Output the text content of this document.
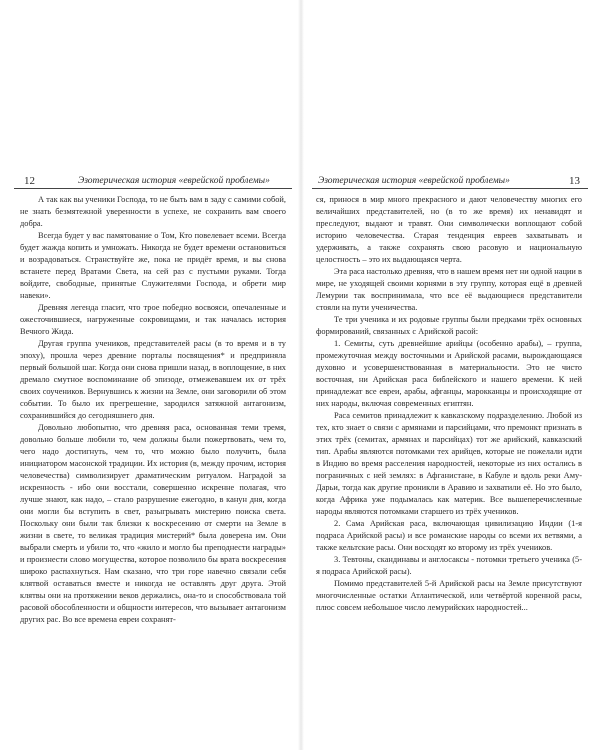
12	Эзотерическая история «еврейской проблемы»

А так как вы ученики Господа, то не быть вам в заду с самими собой, не знать безмятежной уверенности в успехе, не сохранить вам своего добра.

Всегда будет у вас памятование о Том, Кто повелевает всеми. Всегда будет жажда копить и умножать. Никогда не будет времени остановиться и возрадоваться. Странствуйте же, пока не придёт время, и вы снова встанете перед Вратами Света, на сей раз с пустыми руками. Тогда войдите, свободные, принятые Служителями Господа, и обрети мир навеки».

Древняя легенда гласит, что трое победно восвояси, опечаленные и ожесточившиеся, нагруженные сокровищами, и так началась история Вечного Жида.

Другая группа учеников, представителей расы (в то время и в ту эпоху), прошла через древние порталы посвящения* и предприняла первый большой шаг. Когда они снова пришли назад, в воплощение, в них дремало смутное воспоминание об эпизоде, отмежевавшем их от трёх своих соучеников. Вернувшись к жизни на Земле, они заговорили об этом событии. То было их прегрешение, зародился затяжной антагонизм, сохранившийся до сегодняшнего дня.

Довольно любопытно, что древняя раса, основанная теми тремя, довольно больше любили то, чем должны были пожертвовать, чем то, чего надо достигнуть, чем то, что можно было получить, была инициатором масонской традиции. Их история (в, между прочим, история человечества) символизирует драматическим ритуалом. Наградой за искренность - ибо они восстали, совершенно искренне полагая, что лучше знают, как надо, – стало разрушение ежегодно, в канун дня, когда они могли бы вступить в свет, разыгрывать мистерию поиска света. Поскольку они были так близки к воскресению от смерти на Земле в жизни в свете, то великая традиция мистерий* была доверена им. Они выбрали смерть и убили то, что «жило и могло бы преподнести награды» и произнести слово могущества, которое позволило бы врата воскресения широко распахнуться. Нам сказано, что три горе навечно связали себя клятвой оставаться вместе и никогда не оставлять друг друга. Этой клятвы они на протяжении веков держались, она-то и способствовала той расовой обособленности и общности интересов, что вызывает антагонизм других рас. Во все времена евреи сохранят-

Эзотерическая история «еврейской проблемы»	13

ся, принося в мир много прекрасного и дают человечеству многих его величайших представителей, но (в то же время) их ненавидят и преследуют, выдают и травят. Они символически воплощают собой историю человечества. Старая тенденция евреев захватывать и удерживать, а также сохранять свою расовую и национальную целостность – это их выдающаяся черта.

Эта раса настолько древняя, что в нашем время нет ни одной нации в мире, не уходящей своими корнями в эту группу, которая ещё в древней Лемурии так воспринимала, что все её выдающиеся представители стояли на пути ученичества.

Те три ученика и их родовые группы были предками трёх основных формирований, связанных с Арийской расой:

1. Семиты, суть древнейшие арийцы (особенно арабы), – группа, промежуточная между восточными и Арийской расами, вырождающаяся духовно и усовершенствованная в материальности. Это не чисто восточная, ни Арийская раса библейского и нашего времени. К ней принадлежат все евреи, арабы, афганцы, марокканцы и происходящие от них народы, включая современных египтян.

Раса семитов принадлежит к кавказскому подразделению. Любой из тех, кто знает о связи с армянами и парсийцами, что премонкт признать в этих трёх (семитах, армянах и парсийцах) тот же арийский, кавказский тип. Арабы являются потомками тех арийцев, которые не пожелали идти в Индию во время расселения народностей, некоторые из них остались в пограничных с ней землях: в Афганистане, в Кабуле и вдоль реки Аму-Дарьи, тогда как другие проникли в Аравию и захватили её. Но это было, когда Африка уже подымалась как материк. Все вышеперечисленные народы являются потомками старшего из трёх учеников.

2. Сама Арийская раса, включающая цивилизацию Индии (1-я подраса Арийской расы) и все романские народы со всеми их ветвями, а также кельтские расы. Они восходят ко второму из трёх учеников.

3. Тевтоны, скандинавы и англосаксы - потомки третьего ученика (5-я подраса Арийской расы).

Помимо представителей 5-й Арийской расы на Земле присутствуют многочисленные остатки Атлантической, или четвёртой коренной расы, плюс совсем небольшое число лемурийских народностей...
